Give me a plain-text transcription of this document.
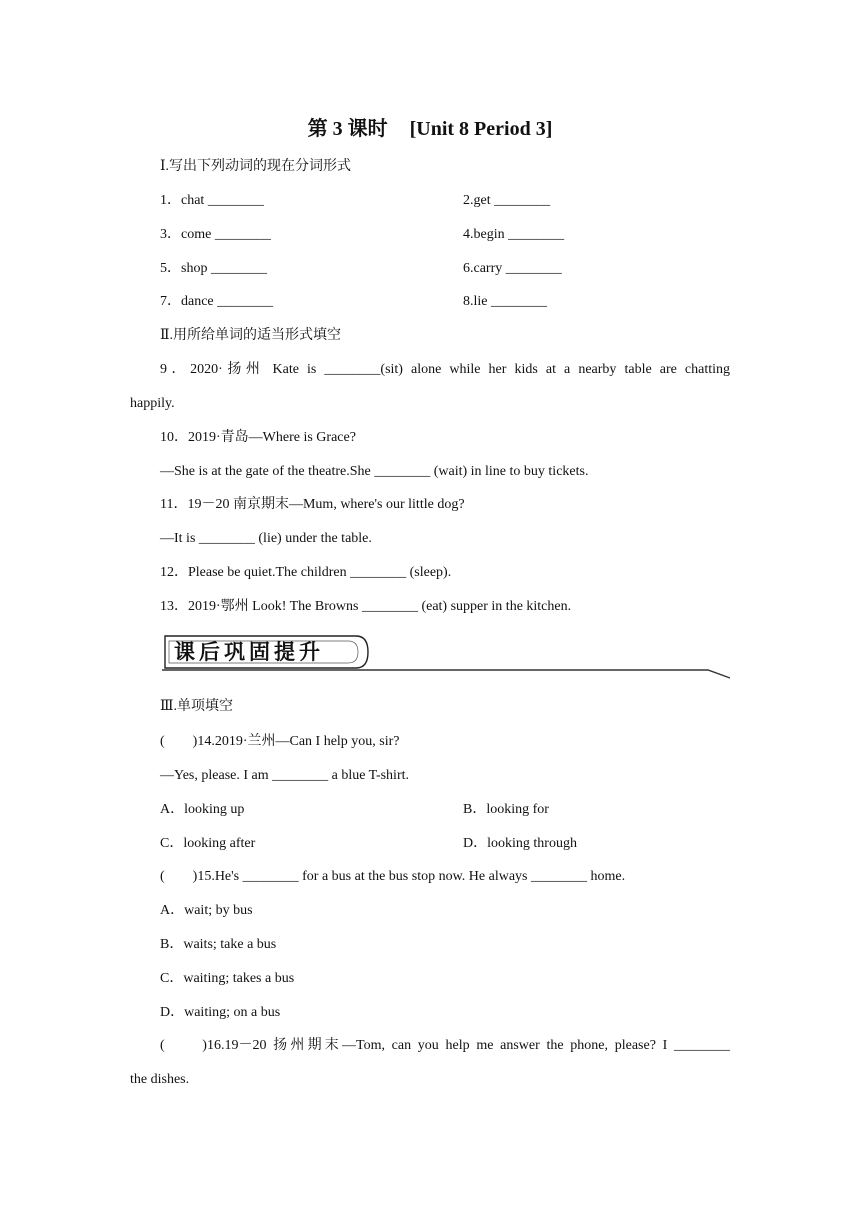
第 3 课时 [Unit 8 Period 3]
Ⅰ.写出下列动词的现在分词形式
1．chat ________	2.get ________
3．come ________	4.begin ________
5．shop ________	6.carry ________
7．dance ________	8.lie ________
Ⅱ.用所给单词的适当形式填空
9．2020·扬州 Kate is ________(sit) alone while her kids at a nearby table are chatting
happily.
10．2019·青岛—Where is Grace?
—She is at the gate of the theatre.She ________ (wait) in line to buy tickets.
11．19－20 南京期末—Mum, where's our little dog?
—It is ________ (lie) under the table.
12．Please be quiet.The children ________ (sleep).
13．2019·鄂州 Look! The Browns ________ (eat) supper in the kitchen.
课后巩固提升
Ⅲ.单项填空
(　　)14.2019·兰州—Can I help you, sir?
—Yes, please. I am ________ a blue T-shirt.
A．looking up	B．looking for
C．looking after	D．looking through
(　　)15.He's ________ for a bus at the bus stop now. He always ________ home.
A．wait; by bus
B．waits; take a bus
C．waiting; takes a bus
D．waiting; on a bus
(　　)16.19－20 扬州期末—Tom, can you help me answer the phone, please? I ________
the dishes.
